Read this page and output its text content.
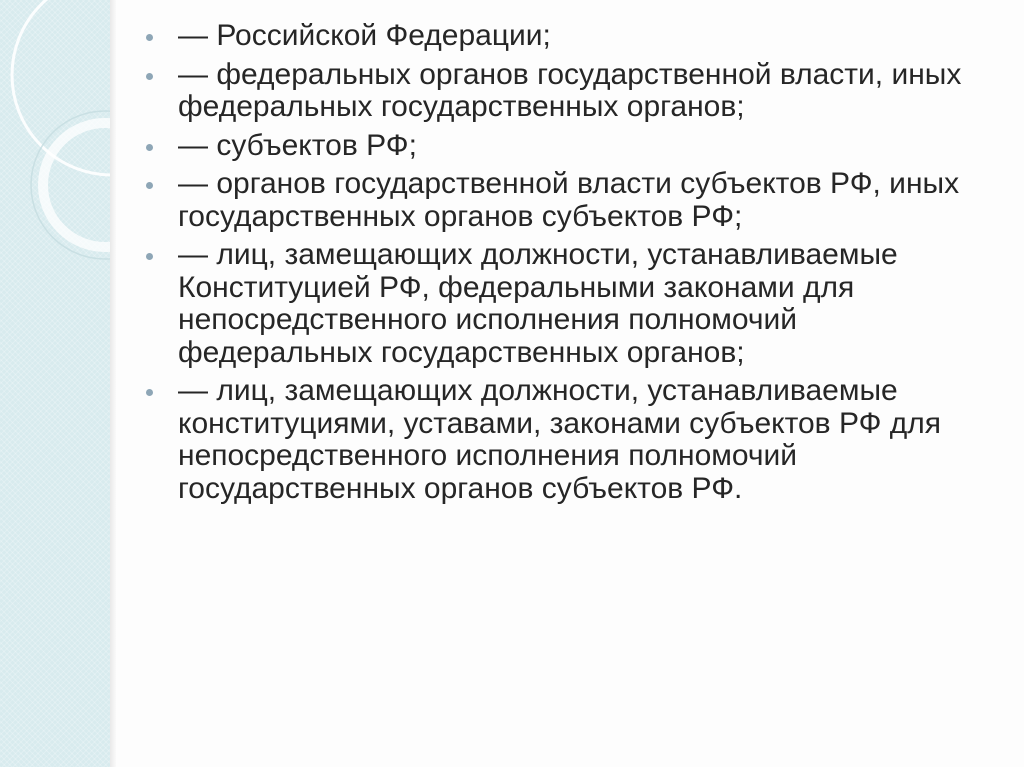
— Российской Федерации;
— федеральных органов государственной власти, иных федеральных государственных органов;
— субъектов РФ;
— органов государственной власти субъектов РФ, иных государственных органов субъектов РФ;
— лиц, замещающих должности, устанавливаемые Конституцией РФ, федеральными законами для непосредственного исполнения полномочий федеральных государственных органов;
— лиц, замещающих должности, устанавливаемые конституциями, уставами, законами субъектов РФ для непосредственного исполнения полномочий государственных органов субъектов РФ.
